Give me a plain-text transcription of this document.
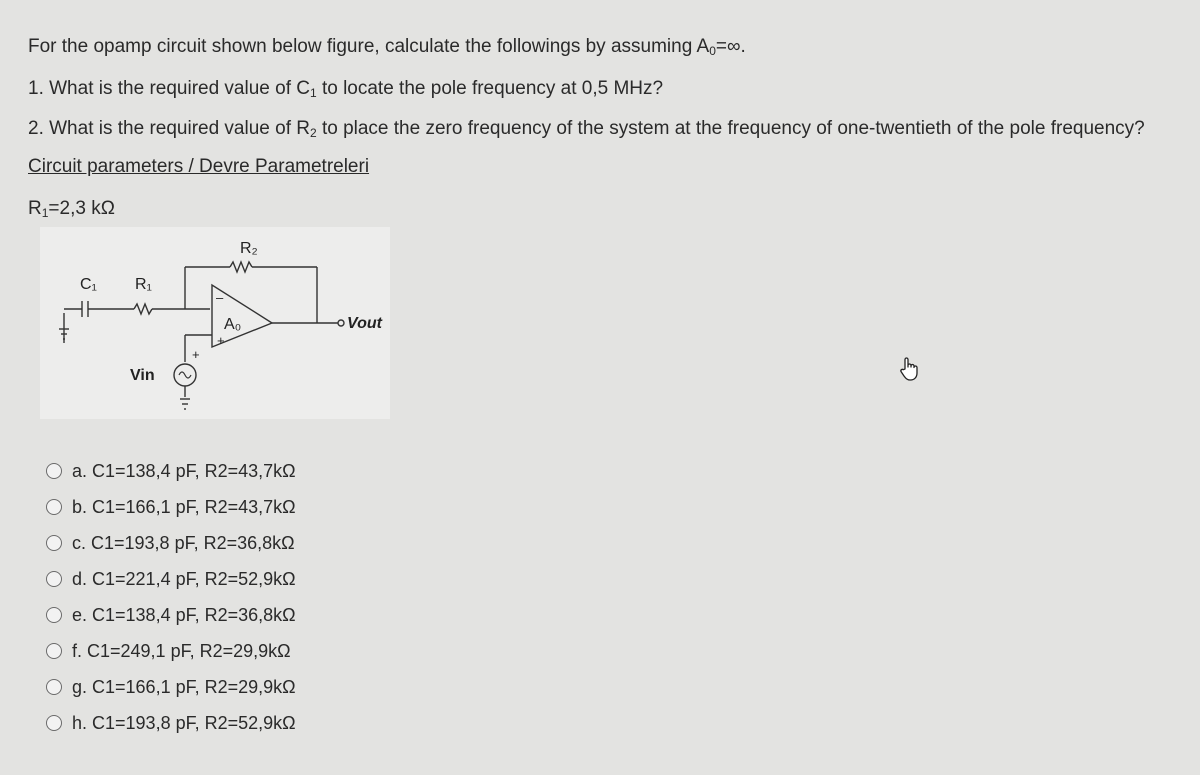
For the opamp circuit shown below figure, calculate the followings by assuming $A_0=\infty$.
1. What is the required value of $C_1$ to locate the pole frequency at 0,5 MHz?
2. What is the required value of $R_2$ to place the zero frequency of the system at the frequency of one-twentieth of the pole frequency?
Circuit parameters / Devre Parametreleri
$R_1=2,3$ kΩ
R₂
C₁ R₁
A₀
–
+
Vout
Vin
+
a. C1=138,4 pF, R2=43,7kΩ
b. C1=166,1 pF, R2=43,7kΩ
c. C1=193,8 pF, R2=36,8kΩ
d. C1=221,4 pF, R2=52,9kΩ
e. C1=138,4 pF, R2=36,8kΩ
f. C1=249,1 pF, R2=29,9kΩ
g. C1=166,1 pF, R2=29,9kΩ
h. C1=193,8 pF, R2=52,9kΩ
